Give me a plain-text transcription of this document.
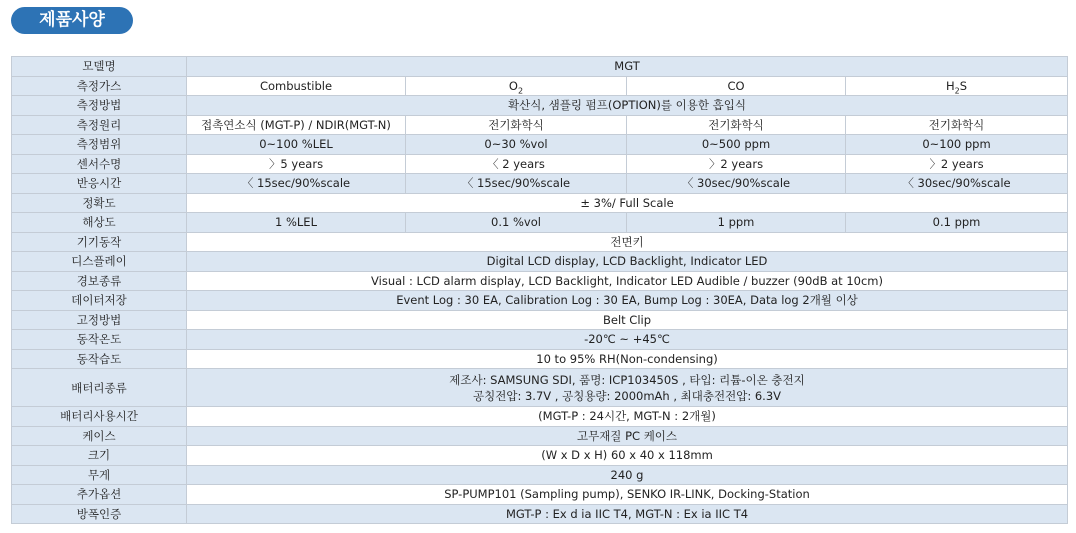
제품사양
모델명	MGT			
측정가스	Combustible	$O_2$	CO	$H_2S$
측정방법	확산식, 샘플링 펌프(OPTION)를 이용한 흡입식			
측정원리	접촉연소식 (MGT-P) / NDIR(MGT-N)	전기화학식	전기화학식	전기화학식
측정범위	0~100 %LEL	0~30 %vol	0~500 ppm	0~100 ppm
센서수명	〉5 years	〈 2 years	〉2 years	〉2 years
반응시간	〈 15sec/90%scale	〈 15sec/90%scale	〈 30sec/90%scale	〈 30sec/90%scale
정확도	± 3%/ Full Scale			
해상도	1 %LEL	0.1 %vol	1 ppm	0.1 ppm
기기동작	전면키			
디스플레이	Digital LCD display, LCD Backlight, Indicator LED			
경보종류	Visual : LCD alarm display, LCD Backlight, Indicator LED Audible / buzzer (90dB at 10cm)			
데이터저장	Event Log : 30 EA, Calibration Log : 30 EA, Bump Log : 30EA, Data log 2개월 이상			
고정방법	Belt Clip			
동작온도	-20℃ ~ +45℃			
동작습도	10 to 95% RH(Non-condensing)			
배터리종류	제조사: SAMSUNG SDI, 품명: ICP103450S , 타입: 리튬-이온 충전지
공칭전압: 3.7V , 공칭용량: 2000mAh , 최대충전전압: 6.3V			

배터리사용시간	(MGT-P : 24시간, MGT-N : 2개월)			
케이스	고무재질 PC 케이스			
크기	(W x D x H) 60 x 40 x 118mm			
무게	240 g			
추가옵션	SP-PUMP101 (Sampling pump), SENKO IR-LINK, Docking-Station			
방폭인증	MGT-P : Ex d ia IIC T4, MGT-N : Ex ia IIC T4			
